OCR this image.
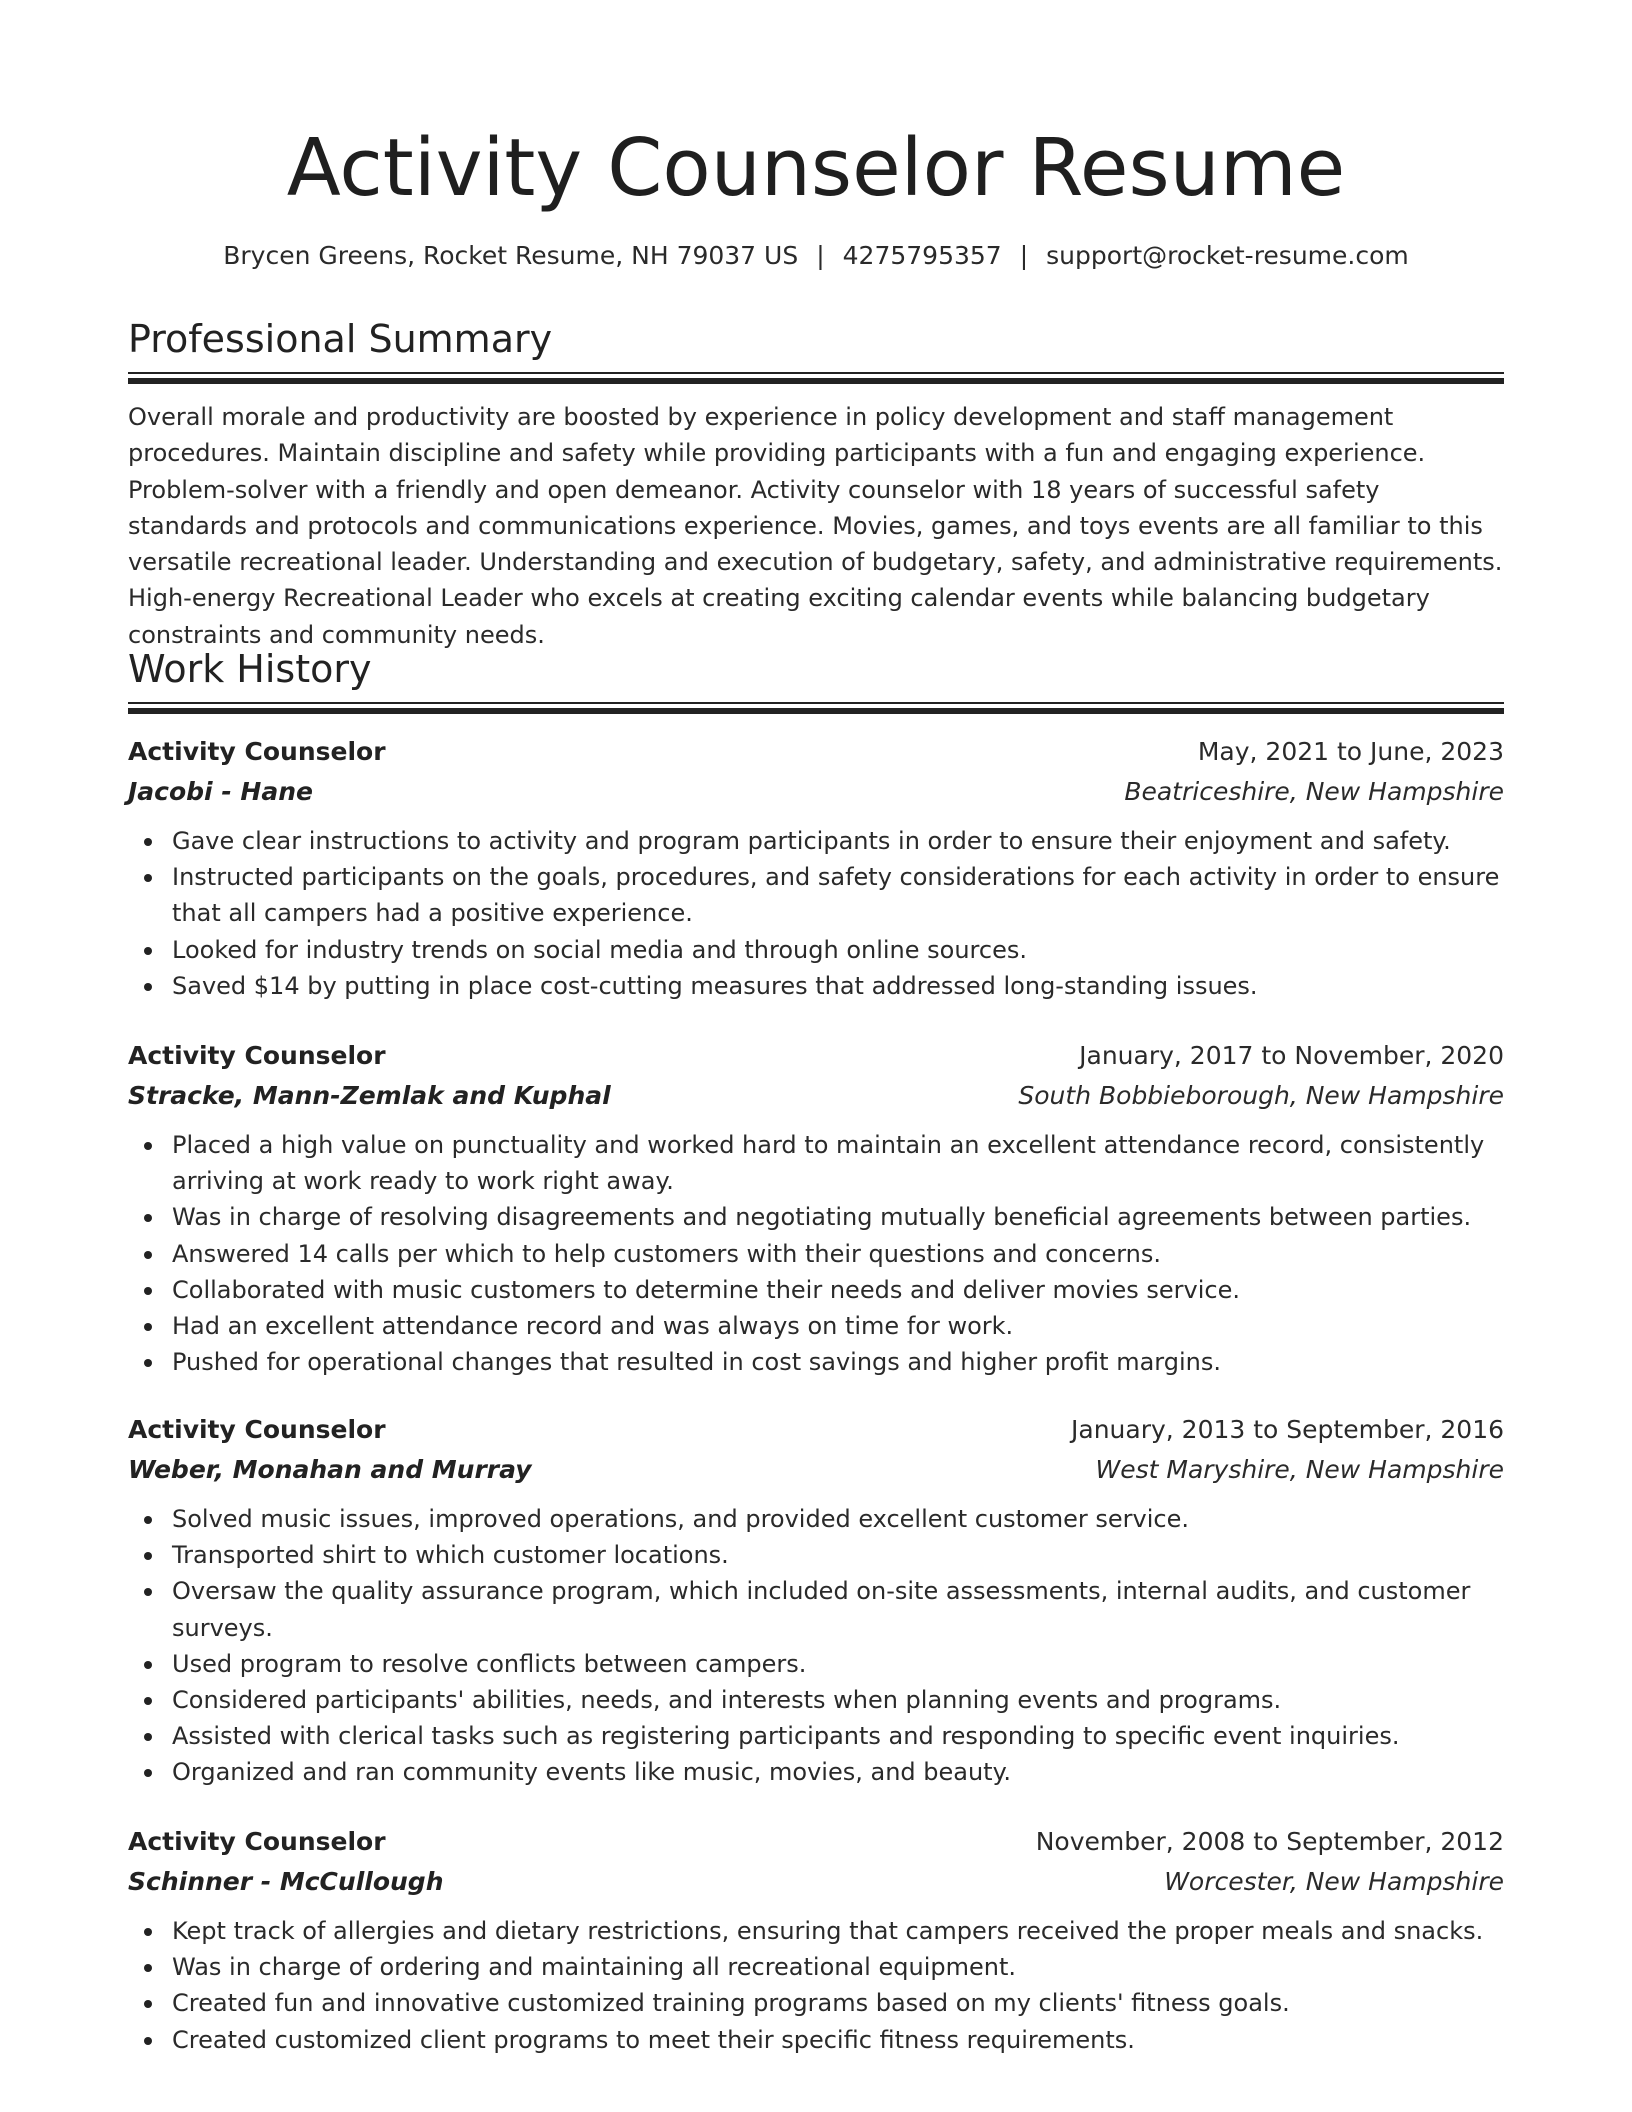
Activity Counselor Resume
Brycen Greens, Rocket Resume, NH 79037 US | 4275795357 | support@rocket-resume.com
Professional Summary

Overall morale and productivity are boosted by experience in policy development and staff management procedures. Maintain discipline and safety while providing participants with a fun and engaging experience. Problem-solver with a friendly and open demeanor. Activity counselor with 18 years of successful safety standards and protocols and communications experience. Movies, games, and toys events are all familiar to this versatile recreational leader. Understanding and execution of budgetary, safety, and administrative requirements. High-energy Recreational Leader who excels at creating exciting calendar events while balancing budgetary constraints and community needs.

Work History
Activity Counselor	May, 2021 to June, 2023
Jacobi - Hane	Beatriceshire, New Hampshire
Gave clear instructions to activity and program participants in order to ensure their enjoyment and safety.
Instructed participants on the goals, procedures, and safety considerations for each activity in order to ensure that all campers had a positive experience.
Looked for industry trends on social media and through online sources.
Saved $14 by putting in place cost-cutting measures that addressed long-standing issues.
Activity Counselor	January, 2017 to November, 2020
Stracke, Mann-Zemlak and Kuphal	South Bobbieborough, New Hampshire
Placed a high value on punctuality and worked hard to maintain an excellent attendance record, consistently arriving at work ready to work right away.
Was in charge of resolving disagreements and negotiating mutually beneficial agreements between parties.
Answered 14 calls per which to help customers with their questions and concerns.
Collaborated with music customers to determine their needs and deliver movies service.
Had an excellent attendance record and was always on time for work.
Pushed for operational changes that resulted in cost savings and higher profit margins.
Activity Counselor	January, 2013 to September, 2016
Weber, Monahan and Murray	West Maryshire, New Hampshire
Solved music issues, improved operations, and provided excellent customer service.
Transported shirt to which customer locations.
Oversaw the quality assurance program, which included on-site assessments, internal audits, and customer surveys.
Used program to resolve conflicts between campers.
Considered participants' abilities, needs, and interests when planning events and programs.
Assisted with clerical tasks such as registering participants and responding to specific event inquiries.
Organized and ran community events like music, movies, and beauty.
Activity Counselor	November, 2008 to September, 2012
Schinner - McCullough	Worcester, New Hampshire
Kept track of allergies and dietary restrictions, ensuring that campers received the proper meals and snacks.
Was in charge of ordering and maintaining all recreational equipment.
Created fun and innovative customized training programs based on my clients' fitness goals.
Created customized client programs to meet their specific fitness requirements.
